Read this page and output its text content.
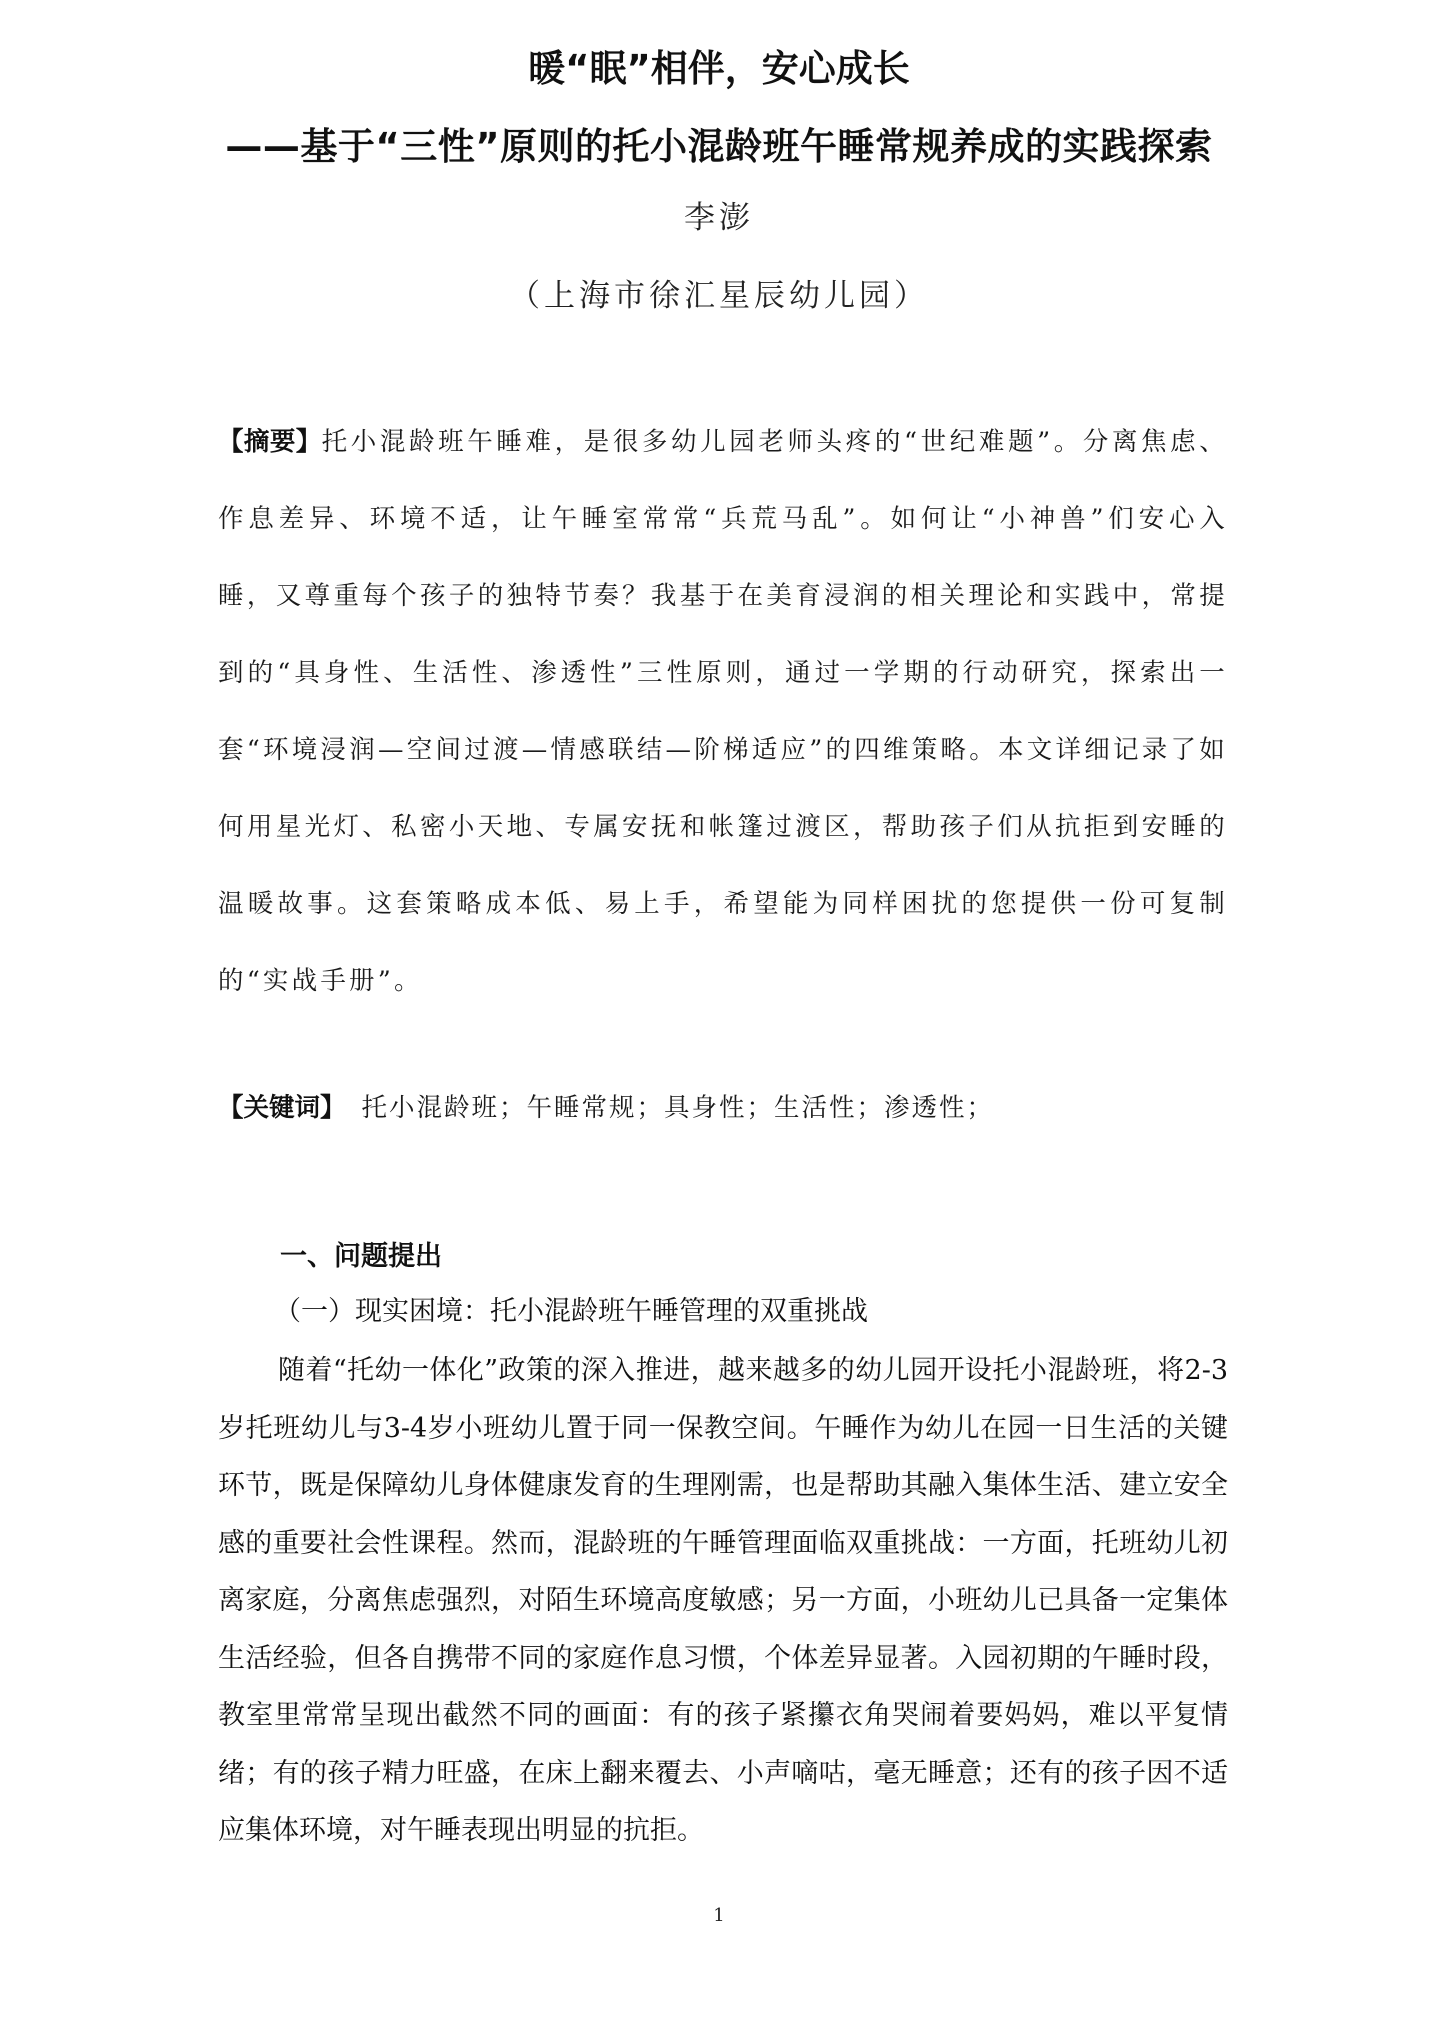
暖“眠”相伴，安心成长
——基于“三性”原则的托小混龄班午睡常规养成的实践探索
李澎
（上海市徐汇星辰幼儿园）
【摘要】托小混龄班午睡难，是很多幼儿园老师头疼的“世纪难题”。分离焦虑、作息差异、环境不适，让午睡室常常“兵荒马乱”。如何让“小神兽”们安心入睡，又尊重每个孩子的独特节奏？我基于在美育浸润的相关理论和实践中，常提到的“具身性、生活性、渗透性”三性原则，通过一学期的行动研究，探索出一套“环境浸润—空间过渡—情感联结—阶梯适应”的四维策略。本文详细记录了如何用星光灯、私密小天地、专属安抚和帐篷过渡区，帮助孩子们从抗拒到安睡的温暖故事。这套策略成本低、易上手，希望能为同样困扰的您提供一份可复制的“实战手册”。
【关键词】 托小混龄班；午睡常规；具身性；生活性；渗透性；
一、问题提出
（一）现实困境：托小混龄班午睡管理的双重挑战
随着“托幼一体化”政策的深入推进，越来越多的幼儿园开设托小混龄班，将2-3岁托班幼儿与3-4岁小班幼儿置于同一保教空间。午睡作为幼儿在园一日生活的关键环节，既是保障幼儿身体健康发育的生理刚需，也是帮助其融入集体生活、建立安全感的重要社会性课程。然而，混龄班的午睡管理面临双重挑战：一方面，托班幼儿初离家庭，分离焦虑强烈，对陌生环境高度敏感；另一方面，小班幼儿已具备一定集体生活经验，但各自携带不同的家庭作息习惯，个体差异显著。入园初期的午睡时段，教室里常常呈现出截然不同的画面：有的孩子紧攥衣角哭闹着要妈妈，难以平复情绪；有的孩子精力旺盛，在床上翻来覆去、小声嘀咕，毫无睡意；还有的孩子因不适应集体环境，对午睡表现出明显的抗拒。
1
